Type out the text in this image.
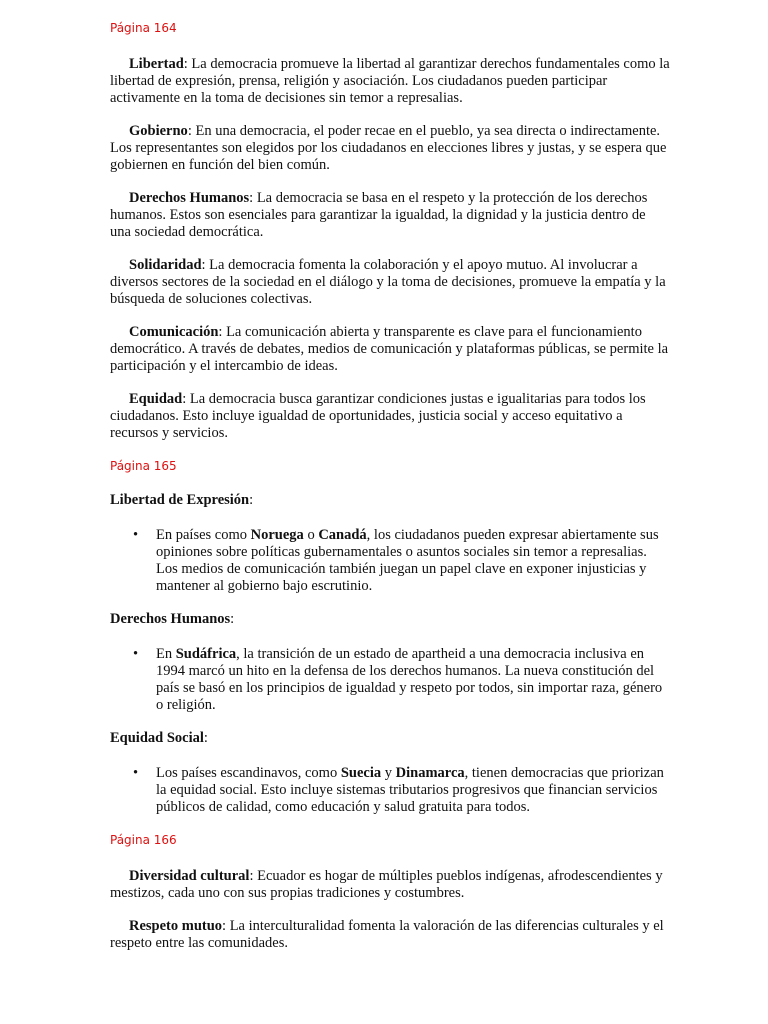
Página 164

Libertad: La democracia promueve la libertad al garantizar derechos fundamentales como la libertad de expresión, prensa, religión y asociación. Los ciudadanos pueden participar activamente en la toma de decisiones sin temor a represalias.

Gobierno: En una democracia, el poder recae en el pueblo, ya sea directa o indirectamente. Los representantes son elegidos por los ciudadanos en elecciones libres y justas, y se espera que gobiernen en función del bien común.

Derechos Humanos: La democracia se basa en el respeto y la protección de los derechos humanos. Estos son esenciales para garantizar la igualdad, la dignidad y la justicia dentro de una sociedad democrática.

Solidaridad: La democracia fomenta la colaboración y el apoyo mutuo. Al involucrar a diversos sectores de la sociedad en el diálogo y la toma de decisiones, promueve la empatía y la búsqueda de soluciones colectivas.

Comunicación: La comunicación abierta y transparente es clave para el funcionamiento democrático. A través de debates, medios de comunicación y plataformas públicas, se permite la participación y el intercambio de ideas.

Equidad: La democracia busca garantizar condiciones justas e igualitarias para todos los ciudadanos. Esto incluye igualdad de oportunidades, justicia social y acceso equitativo a recursos y servicios.

Página 165

Libertad de Expresión:

• En países como Noruega o Canadá, los ciudadanos pueden expresar abiertamente sus opiniones sobre políticas gubernamentales o asuntos sociales sin temor a represalias. Los medios de comunicación también juegan un papel clave en exponer injusticias y mantener al gobierno bajo escrutinio.

Derechos Humanos:

• En Sudáfrica, la transición de un estado de apartheid a una democracia inclusiva en 1994 marcó un hito en la defensa de los derechos humanos. La nueva constitución del país se basó en los principios de igualdad y respeto por todos, sin importar raza, género o religión.

Equidad Social:

• Los países escandinavos, como Suecia y Dinamarca, tienen democracias que priorizan la equidad social. Esto incluye sistemas tributarios progresivos que financian servicios públicos de calidad, como educación y salud gratuita para todos.

Página 166

Diversidad cultural: Ecuador es hogar de múltiples pueblos indígenas, afrodescendientes y mestizos, cada uno con sus propias tradiciones y costumbres.

Respeto mutuo: La interculturalidad fomenta la valoración de las diferencias culturales y el respeto entre las comunidades.
